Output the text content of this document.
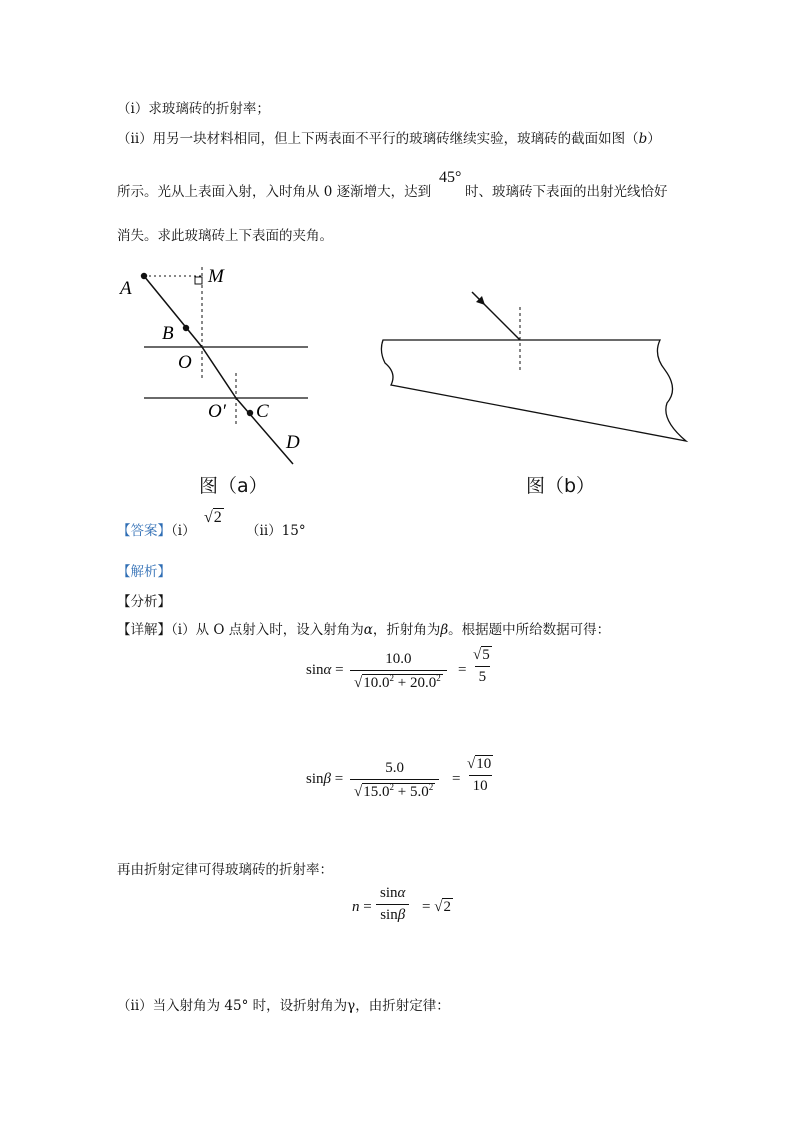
（i）求玻璃砖的折射率；
（ii）用另一块材料相同，但上下两表面不平行的玻璃砖继续实验，玻璃砖的截面如图（b）
所示。光从上表面入射，入时角从 0 逐渐增大，达到
45°
时、玻璃砖下表面的出射光线恰好
消失。求此玻璃砖上下表面的夹角。
A
M
B
O
O′ C
D
图（a）	图（b）
【答案】（i）
√2
（ii）15°
【解析】
【分析】
【详解】（i）从 O 点射入时，设入射角为α，折射角为β。根据题中所给数据可得：
$\sin\alpha = \frac{10.0}{√10.0^2 + 20.0^2} = \frac{√5}{5}$
$\sin\beta = \frac{5.0}{√15.0^2 + 5.0^2} = \frac{√10}{10}$
再由折射定律可得玻璃砖的折射率：
$n = \frac{\sin\alpha}{\sin\beta} = √2$
（ii）当入射角为 45° 时，设折射角为γ，由折射定律：
